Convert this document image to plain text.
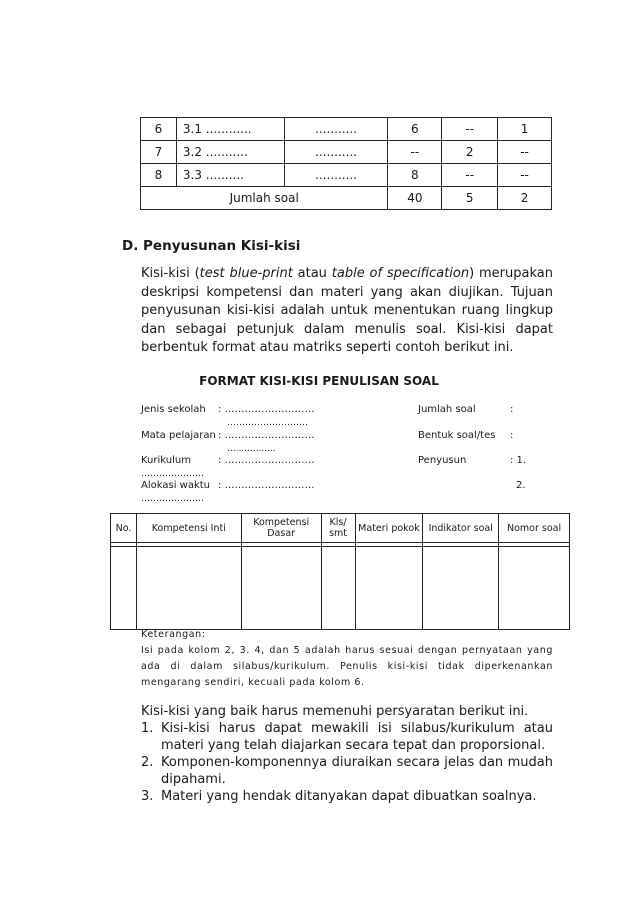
6	3.1 ............	...........	6	--	1
7	3.2 ...........	...........	--	2	--
8	3.3 ..........	...........	8	--	--
Jumlah soal			40	5	2
D. Penyusunan Kisi-kisi
Kisi-kisi (test blue-print atau table of specification) merupakan deskripsi kompetensi dan materi yang akan diujikan. Tujuan penyusunan kisi-kisi adalah untuk menentukan ruang lingkup dan sebagai petunjuk dalam menulis soal. Kisi-kisi dapat berbentuk format atau matriks seperti contoh berikut ini.
FORMAT KISI-KISI PENULISAN SOAL
Jenis sekolah : ………………………
………………………
Mata pelajaran : ………………………
.................
Kurikulum	: ………………………
…………………
Alokasi waktu : ………………………
…………………
Jumlah soal	:
Bentuk soal/tes :
Penyusun	: 1.
2.
No.	Kompetensi Inti	Kompetensi Dasar	Kls/ smt	Materi pokok	Indikator soal	Nomor soal

Keterangan:
Isi pada kolom 2, 3. 4, dan 5 adalah harus sesuai dengan pernyataan yang ada di dalam silabus/kurikulum. Penulis kisi-kisi tidak diperkenankan mengarang sendiri, kecuali pada kolom 6.
Kisi-kisi yang baik harus memenuhi persyaratan berikut ini.
1. Kisi-kisi harus dapat mewakili isi silabus/kurikulum atau materi yang telah diajarkan secara tepat dan proporsional.
2. Komponen-komponennya diuraikan secara jelas dan mudah dipahami.
3. Materi yang hendak ditanyakan dapat dibuatkan soalnya.
